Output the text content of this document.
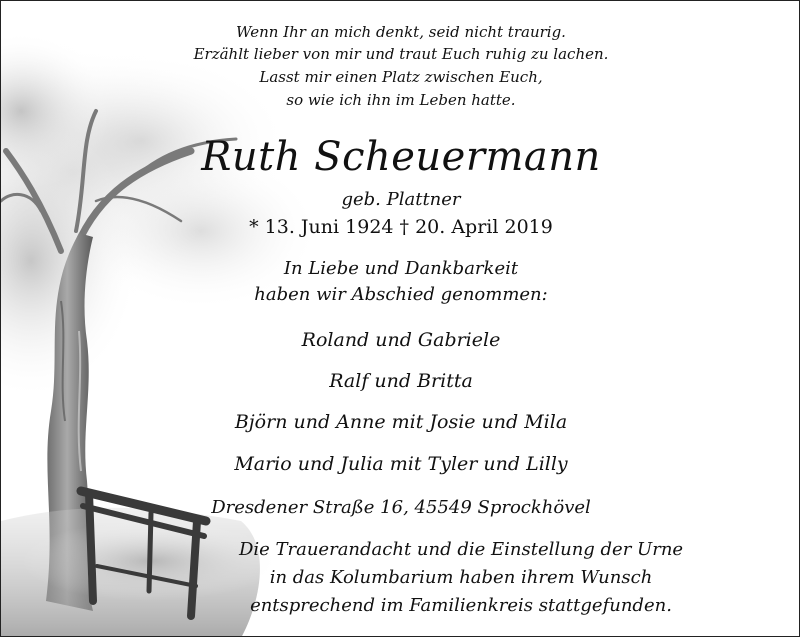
Wenn Ihr an mich denkt, seid nicht traurig.
Erzählt lieber von mir und traut Euch ruhig zu lachen.
Lasst mir einen Platz zwischen Euch,
so wie ich ihn im Leben hatte.
Ruth Scheuermann
geb. Plattner
* 13. Juni 1924 † 20. April 2019
In Liebe und Dankbarkeit
haben wir Abschied genommen:
Roland und Gabriele
Ralf und Britta
Björn und Anne mit Josie und Mila
Mario und Julia mit Tyler und Lilly
Dresdener Straße 16, 45549 Sprockhövel
Die Trauerandacht und die Einstellung der Urne
in das Kolumbarium haben ihrem Wunsch
entsprechend im Familienkreis stattgefunden.
